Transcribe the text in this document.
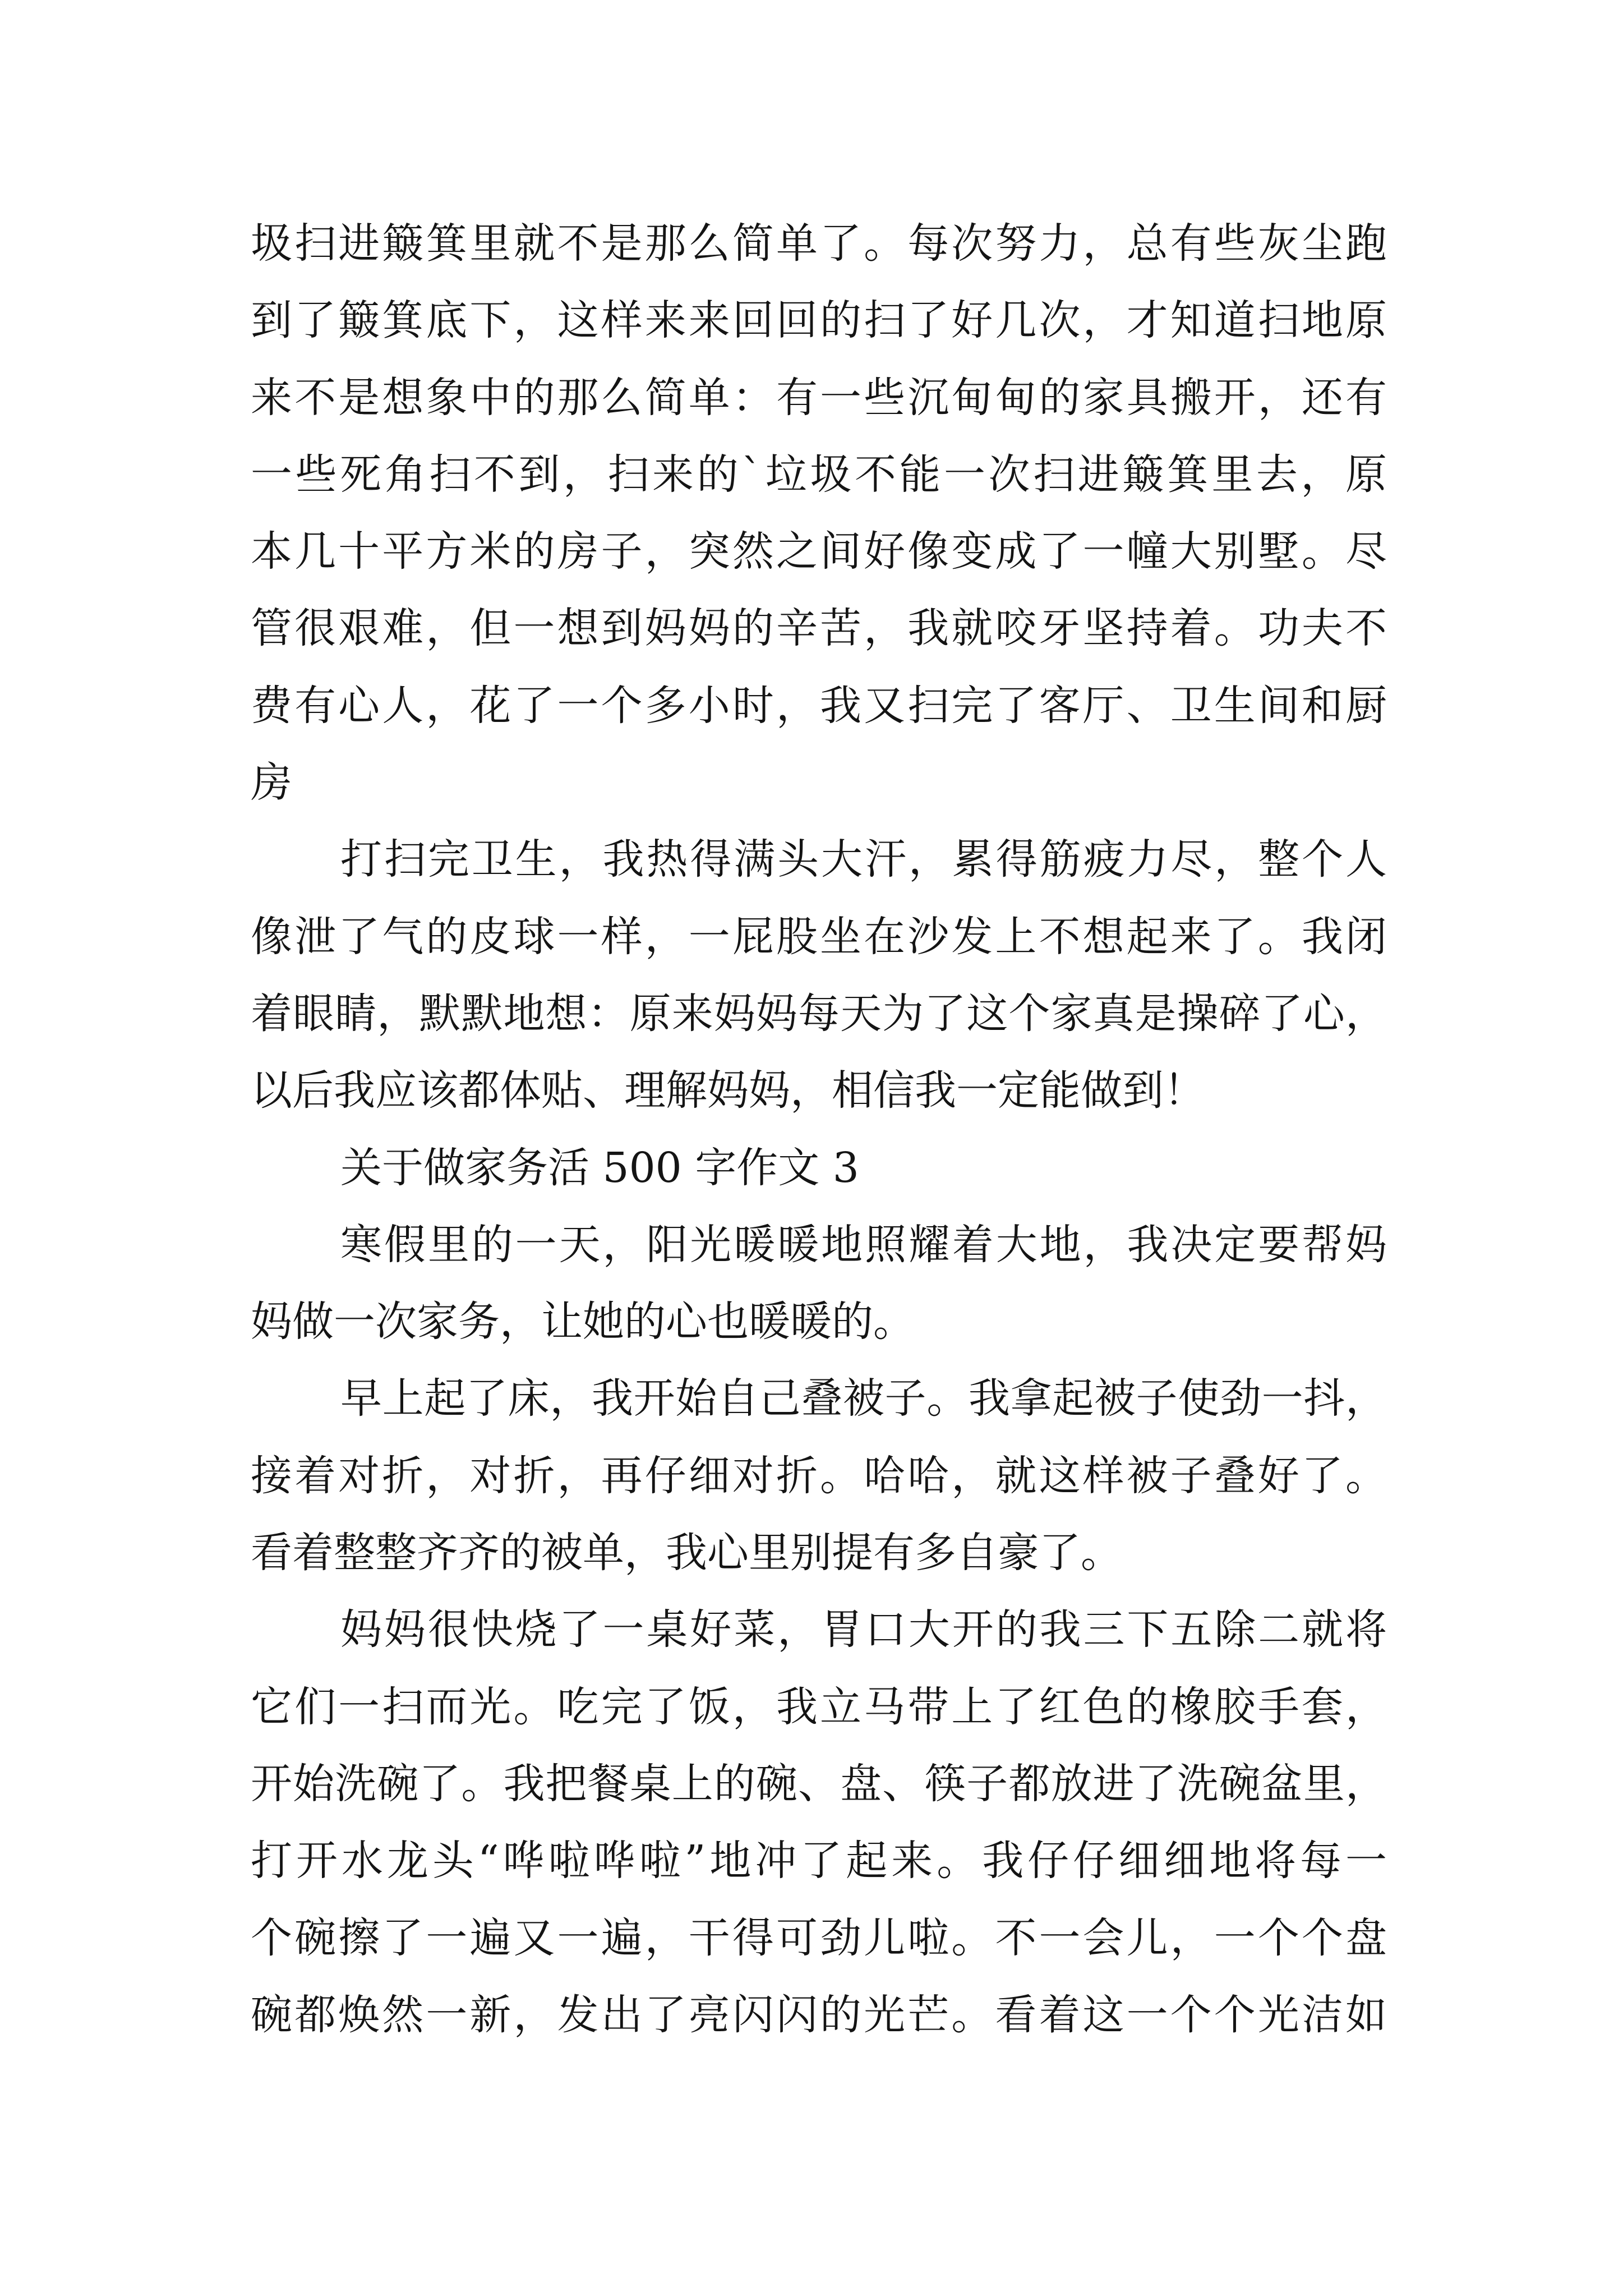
圾扫进簸箕里就不是那么简单了。每次努力，总有些灰尘跑
到了簸箕底下，这样来来回回的扫了好几次，才知道扫地原
来不是想象中的那么简单：有一些沉甸甸的家具搬开，还有
一些死角扫不到，扫来的`垃圾不能一次扫进簸箕里去，原
本几十平方米的房子，突然之间好像变成了一幢大别墅。尽
管很艰难，但一想到妈妈的辛苦，我就咬牙坚持着。功夫不
费有心人，花了一个多小时，我又扫完了客厅、卫生间和厨
房
打扫完卫生，我热得满头大汗，累得筋疲力尽，整个人
像泄了气的皮球一样，一屁股坐在沙发上不想起来了。我闭
着眼睛，默默地想：原来妈妈每天为了这个家真是操碎了心，
以后我应该都体贴、理解妈妈，相信我一定能做到！
关于做家务活 500 字作文 3
寒假里的一天，阳光暖暖地照耀着大地，我决定要帮妈
妈做一次家务，让她的心也暖暖的。
早上起了床，我开始自己叠被子。我拿起被子使劲一抖，
接着对折，对折，再仔细对折。哈哈，就这样被子叠好了。
看着整整齐齐的被单，我心里别提有多自豪了。
妈妈很快烧了一桌好菜，胃口大开的我三下五除二就将
它们一扫而光。吃完了饭，我立马带上了红色的橡胶手套，
开始洗碗了。我把餐桌上的碗、盘、筷子都放进了洗碗盆里，
打开水龙头“哗啦哗啦”地冲了起来。我仔仔细细地将每一
个碗擦了一遍又一遍，干得可劲儿啦。不一会儿，一个个盘
碗都焕然一新，发出了亮闪闪的光芒。看着这一个个光洁如
